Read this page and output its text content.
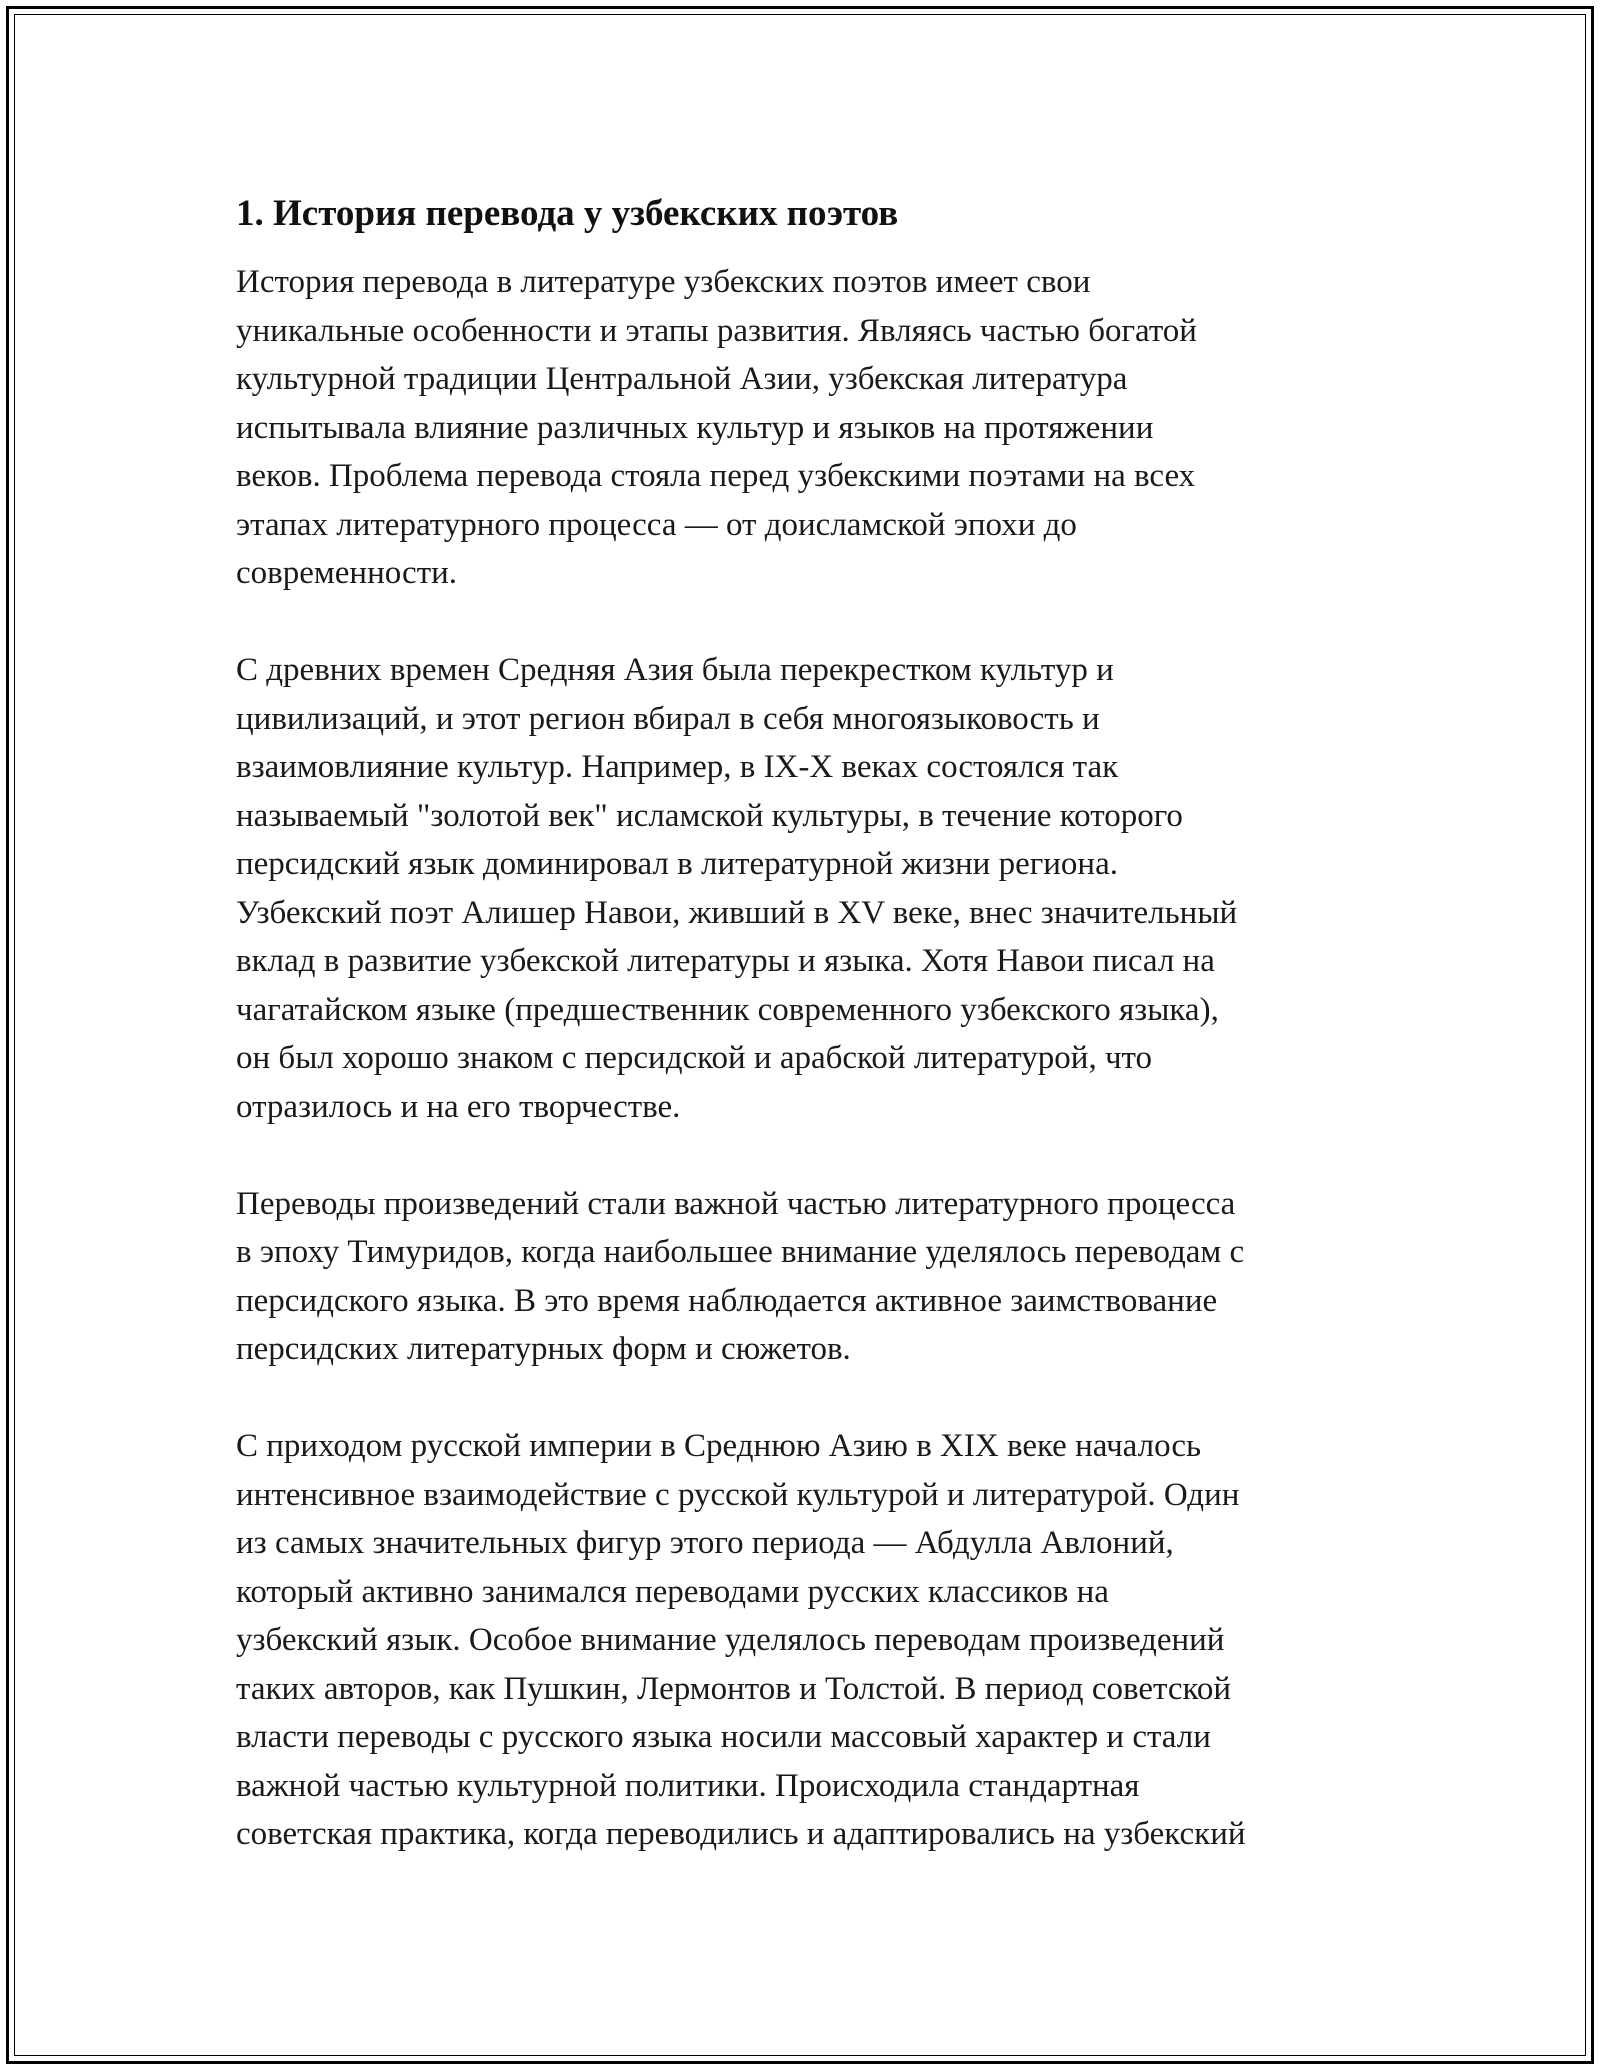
1. История перевода у узбекских поэтов

История перевода в литературе узбекских поэтов имеет свои
уникальные особенности и этапы развития. Являясь частью богатой
культурной традиции Центральной Азии, узбекская литература
испытывала влияние различных культур и языков на протяжении
веков. Проблема перевода стояла перед узбекскими поэтами на всех
этапах литературного процесса — от доисламской эпохи до
современности.

С древних времен Средняя Азия была перекрестком культур и
цивилизаций, и этот регион вбирал в себя многоязыковость и
взаимовлияние культур. Например, в IX-X веках состоялся так
называемый "золотой век" исламской культуры, в течение которого
персидский язык доминировал в литературной жизни региона.
Узбекский поэт Алишер Навои, живший в XV веке, внес значительный
вклад в развитие узбекской литературы и языка. Хотя Навои писал на
чагатайском языке (предшественник современного узбекского языка),
он был хорошо знаком с персидской и арабской литературой, что
отразилось и на его творчестве.

Переводы произведений стали важной частью литературного процесса
в эпоху Тимуридов, когда наибольшее внимание уделялось переводам с
персидского языка. В это время наблюдается активное заимствование
персидских литературных форм и сюжетов.

С приходом русской империи в Среднюю Азию в XIX веке началось
интенсивное взаимодействие с русской культурой и литературой. Один
из самых значительных фигур этого периода — Абдулла Авлоний,
который активно занимался переводами русских классиков на
узбекский язык. Особое внимание уделялось переводам произведений
таких авторов, как Пушкин, Лермонтов и Толстой. В период советской
власти переводы с русского языка носили массовый характер и стали
важной частью культурной политики. Происходила стандартная
советская практика, когда переводились и адаптировались на узбекский
